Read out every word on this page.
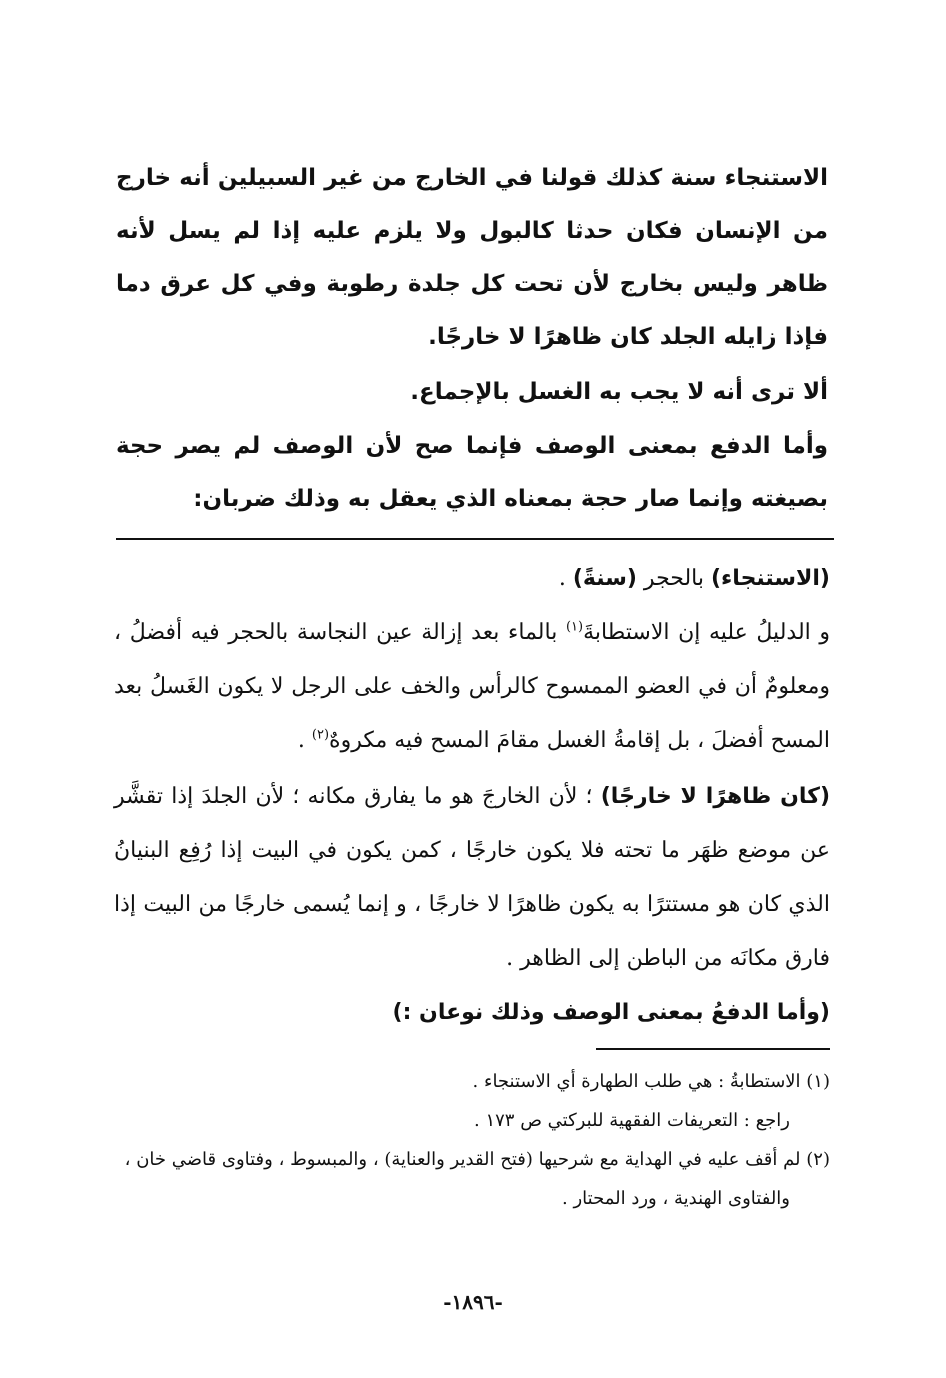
الاستنجاء سنة كذلك قولنا في الخارج من غير السبيلين أنه خارج من الإنسان فكان حدثا كالبول ولا يلزم عليه إذا لم يسل لأنه ظاهر وليس بخارج لأن تحت كل جلدة رطوبة وفي كل عرق دما فإذا زايله الجلد كان ظاهرًا لا خارجًا.

ألا ترى أنه لا يجب به الغسل بالإجماع.

وأما الدفع بمعنى الوصف فإنما صح لأن الوصف لم يصر حجة بصيغته وإنما صار حجة بمعناه الذي يعقل به وذلك ضربان:

(الاستنجاء) بالحجر (سنةً) .

و الدليلُ عليه إن الاستطابةَ$^{(١)}$ بالماء بعد إزالة عين النجاسة بالحجر فيه أفضلُ ، ومعلومٌ أن في العضو الممسوح كالرأس والخف على الرجل لا يكون الغَسلُ بعد المسح أفضلَ ، بل إقامةُ الغسل مقامَ المسح فيه مكروهٌ$^{(٢)}$ .

(كان ظاهرًا لا خارجًا) ؛ لأن الخارجَ هو ما يفارق مكانه ؛ لأن الجلدَ إذا تقشَّر عن موضع ظهَر ما تحته فلا يكون خارجًا ، كمن يكون في البيت إذا رُفِع البنيانُ الذي كان هو مستترًا به يكون ظاهرًا لا خارجًا ، و إنما يُسمى خارجًا من البيت إذا فارق مكانَه من الباطن إلى الظاهر .

(وأما الدفعُ بمعنى الوصف وذلك نوعان :)

(١) الاستطابةُ : هي طلب الطهارة أي الاستنجاء .

راجع : التعريفات الفقهية للبركتي ص ١٧٣ .

(٢) لم أقف عليه في الهداية مع شرحيها (فتح القدير والعناية) ، والمبسوط ، وفتاوى قاضي خان ، والفتاوى الهندية ، ورد المحتار .

-١٨٩٦-
